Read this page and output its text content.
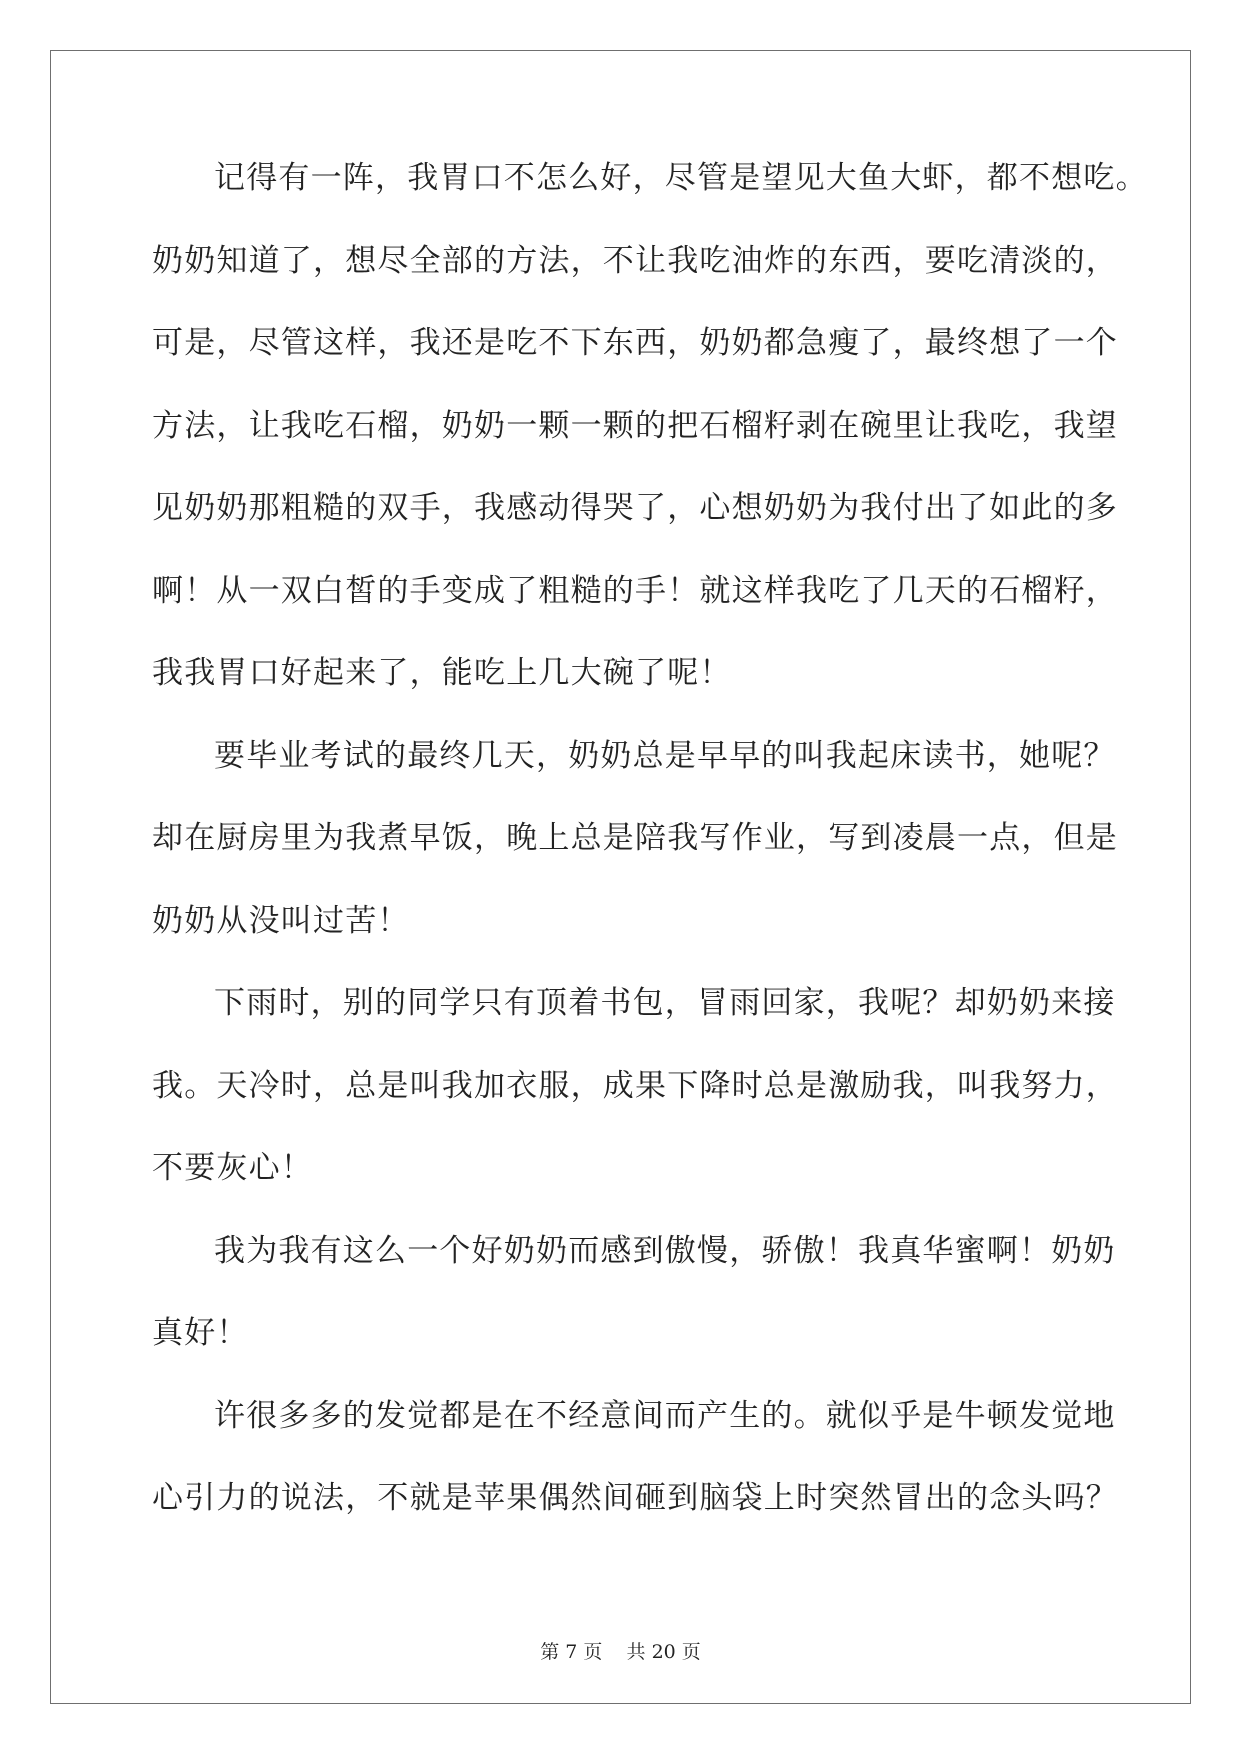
记得有一阵，我胃口不怎么好，尽管是望见大鱼大虾，都不想吃。
奶奶知道了，想尽全部的方法，不让我吃油炸的东西，要吃清淡的，
可是，尽管这样，我还是吃不下东西，奶奶都急瘦了，最终想了一个
方法，让我吃石榴，奶奶一颗一颗的把石榴籽剥在碗里让我吃，我望
见奶奶那粗糙的双手，我感动得哭了，心想奶奶为我付出了如此的多
啊！从一双白皙的手变成了粗糙的手！就这样我吃了几天的石榴籽，
我我胃口好起来了，能吃上几大碗了呢！
要毕业考试的最终几天，奶奶总是早早的叫我起床读书，她呢？
却在厨房里为我煮早饭，晚上总是陪我写作业，写到凌晨一点，但是
奶奶从没叫过苦！
下雨时，别的同学只有顶着书包，冒雨回家，我呢？却奶奶来接
我。天冷时，总是叫我加衣服，成果下降时总是激励我，叫我努力，
不要灰心！
我为我有这么一个好奶奶而感到傲慢，骄傲！我真华蜜啊！奶奶
真好！
许很多多的发觉都是在不经意间而产生的。就似乎是牛顿发觉地
心引力的说法，不就是苹果偶然间砸到脑袋上时突然冒出的念头吗？
第 7 页    共 20 页
